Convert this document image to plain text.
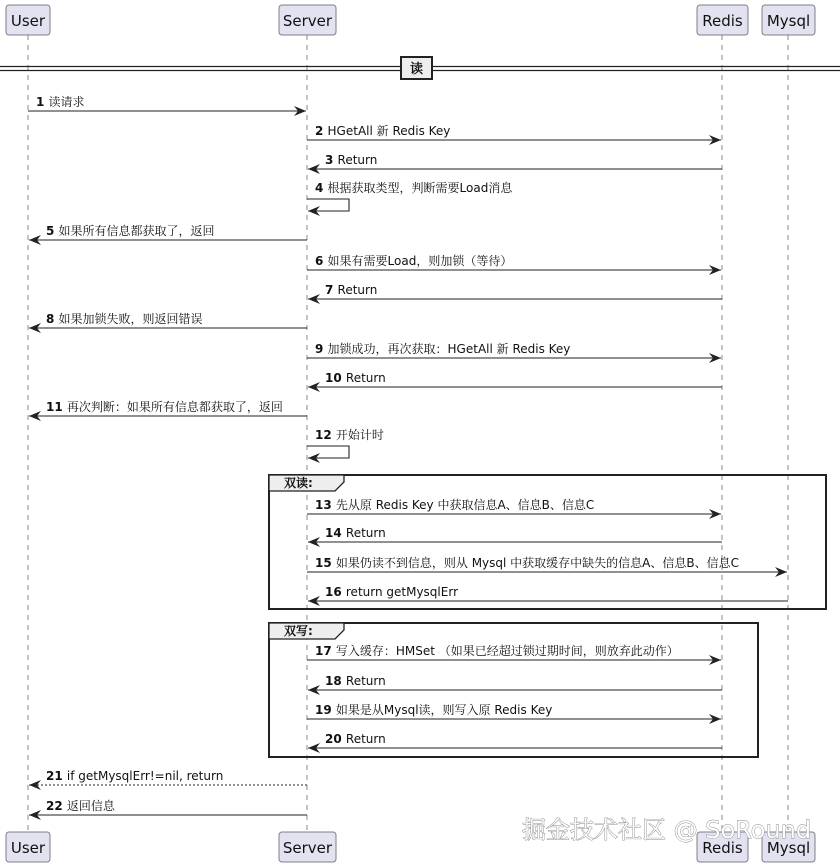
User	Server	Redis Mysql
读
双读:
双写:
1 读请求
2 HGetAll 新 Redis Key
3 Return
4 根据获取类型，判断需要Load消息
5 如果所有信息都获取了，返回
6 如果有需要Load，则加锁（等待）
7 Return
8 如果加锁失败，则返回错误
9 加锁成功，再次获取：HGetAll 新 Redis Key
10 Return
11 再次判断：如果所有信息都获取了，返回
12 开始计时
13 先从原 Redis Key 中获取信息A、信息B、信息C
14 Return
15 如果仍读不到信息，则从 Mysql 中获取缓存中缺失的信息A、信息B、信息C
16 return getMysqlErr
17 写入缓存：HMSet （如果已经超过锁过期时间，则放弃此动作）
18 Return
19 如果是从Mysql读，则写入原 Redis Key
20 Return
21 if getMysqlErr!=nil, return
22 返回信息
User	Server	Redis Mysql
掘金技术社区 @ SoRound
